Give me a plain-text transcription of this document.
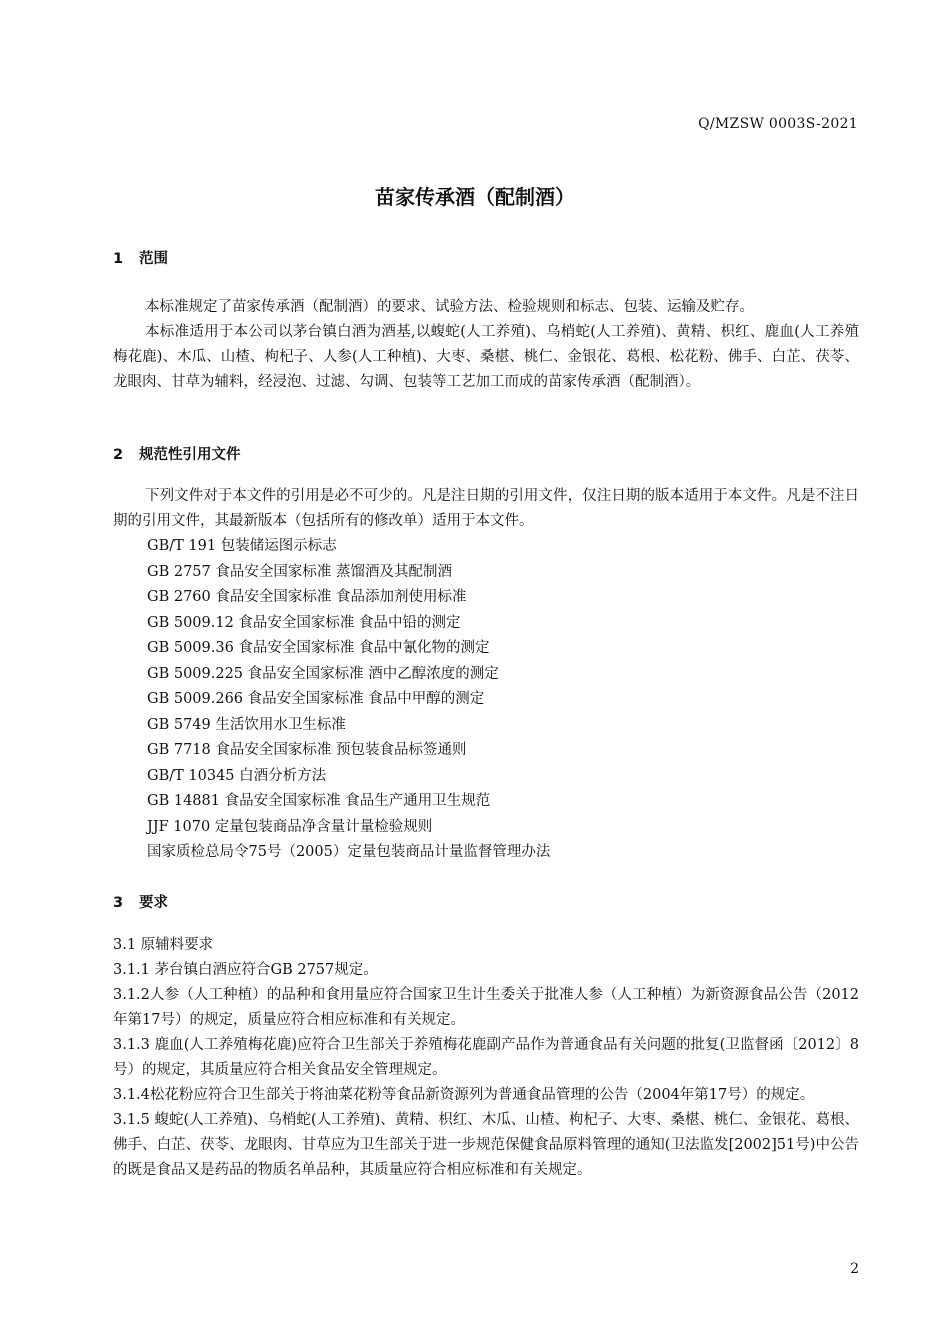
Q/MZSW 0003S-2021
苗家传承酒（配制酒）
1 范围
本标准规定了苗家传承酒（配制酒）的要求、试验方法、检验规则和标志、包装、运输及贮存。
本标准适用于本公司以茅台镇白酒为酒基,以蝮蛇(人工养殖)、乌梢蛇(人工养殖)、黄精、枳红、鹿血(人工养殖梅花鹿)、木瓜、山楂、枸杞子、人参(人工种植)、大枣、桑椹、桃仁、金银花、葛根、松花粉、佛手、白芷、茯苓、龙眼肉、甘草为辅料，经浸泡、过滤、勾调、包装等工艺加工而成的苗家传承酒（配制酒）。
2 规范性引用文件
下列文件对于本文件的引用是必不可少的。凡是注日期的引用文件，仅注日期的版本适用于本文件。凡是不注日期的引用文件，其最新版本（包括所有的修改单）适用于本文件。
GB/T 191 包装储运图示标志
GB 2757 食品安全国家标准 蒸馏酒及其配制酒
GB 2760 食品安全国家标准 食品添加剂使用标准
GB 5009.12 食品安全国家标准 食品中铅的测定
GB 5009.36 食品安全国家标准 食品中氰化物的测定
GB 5009.225 食品安全国家标准 酒中乙醇浓度的测定
GB 5009.266 食品安全国家标准 食品中甲醇的测定
GB 5749 生活饮用水卫生标准
GB 7718 食品安全国家标准 预包装食品标签通则
GB/T 10345 白酒分析方法
GB 14881 食品安全国家标准 食品生产通用卫生规范
JJF 1070 定量包装商品净含量计量检验规则
国家质检总局令75号（2005）定量包装商品计量监督管理办法
3 要求

3.1 原辅料要求

3.1.1 茅台镇白酒应符合GB 2757规定。

3.1.2人参（人工种植）的品种和食用量应符合国家卫生计生委关于批准人参（人工种植）为新资源食品公告（2012年第17号）的规定，质量应符合相应标准和有关规定。

3.1.3 鹿血(人工养殖梅花鹿)应符合卫生部关于养殖梅花鹿副产品作为普通食品有关问题的批复(卫监督函〔2012〕8号）的规定，其质量应符合相关食品安全管理规定。

3.1.4松花粉应符合卫生部关于将油菜花粉等食品新资源列为普通食品管理的公告（2004年第17号）的规定。

3.1.5 蝮蛇(人工养殖)、乌梢蛇(人工养殖)、黄精、枳红、木瓜、山楂、枸杞子、大枣、桑椹、桃仁、金银花、葛根、佛手、白芷、茯苓、龙眼肉、甘草应为卫生部关于进一步规范保健食品原料管理的通知(卫法监发[2002]51号)中公告的既是食品又是药品的物质名单品种，其质量应符合相应标准和有关规定。

2
